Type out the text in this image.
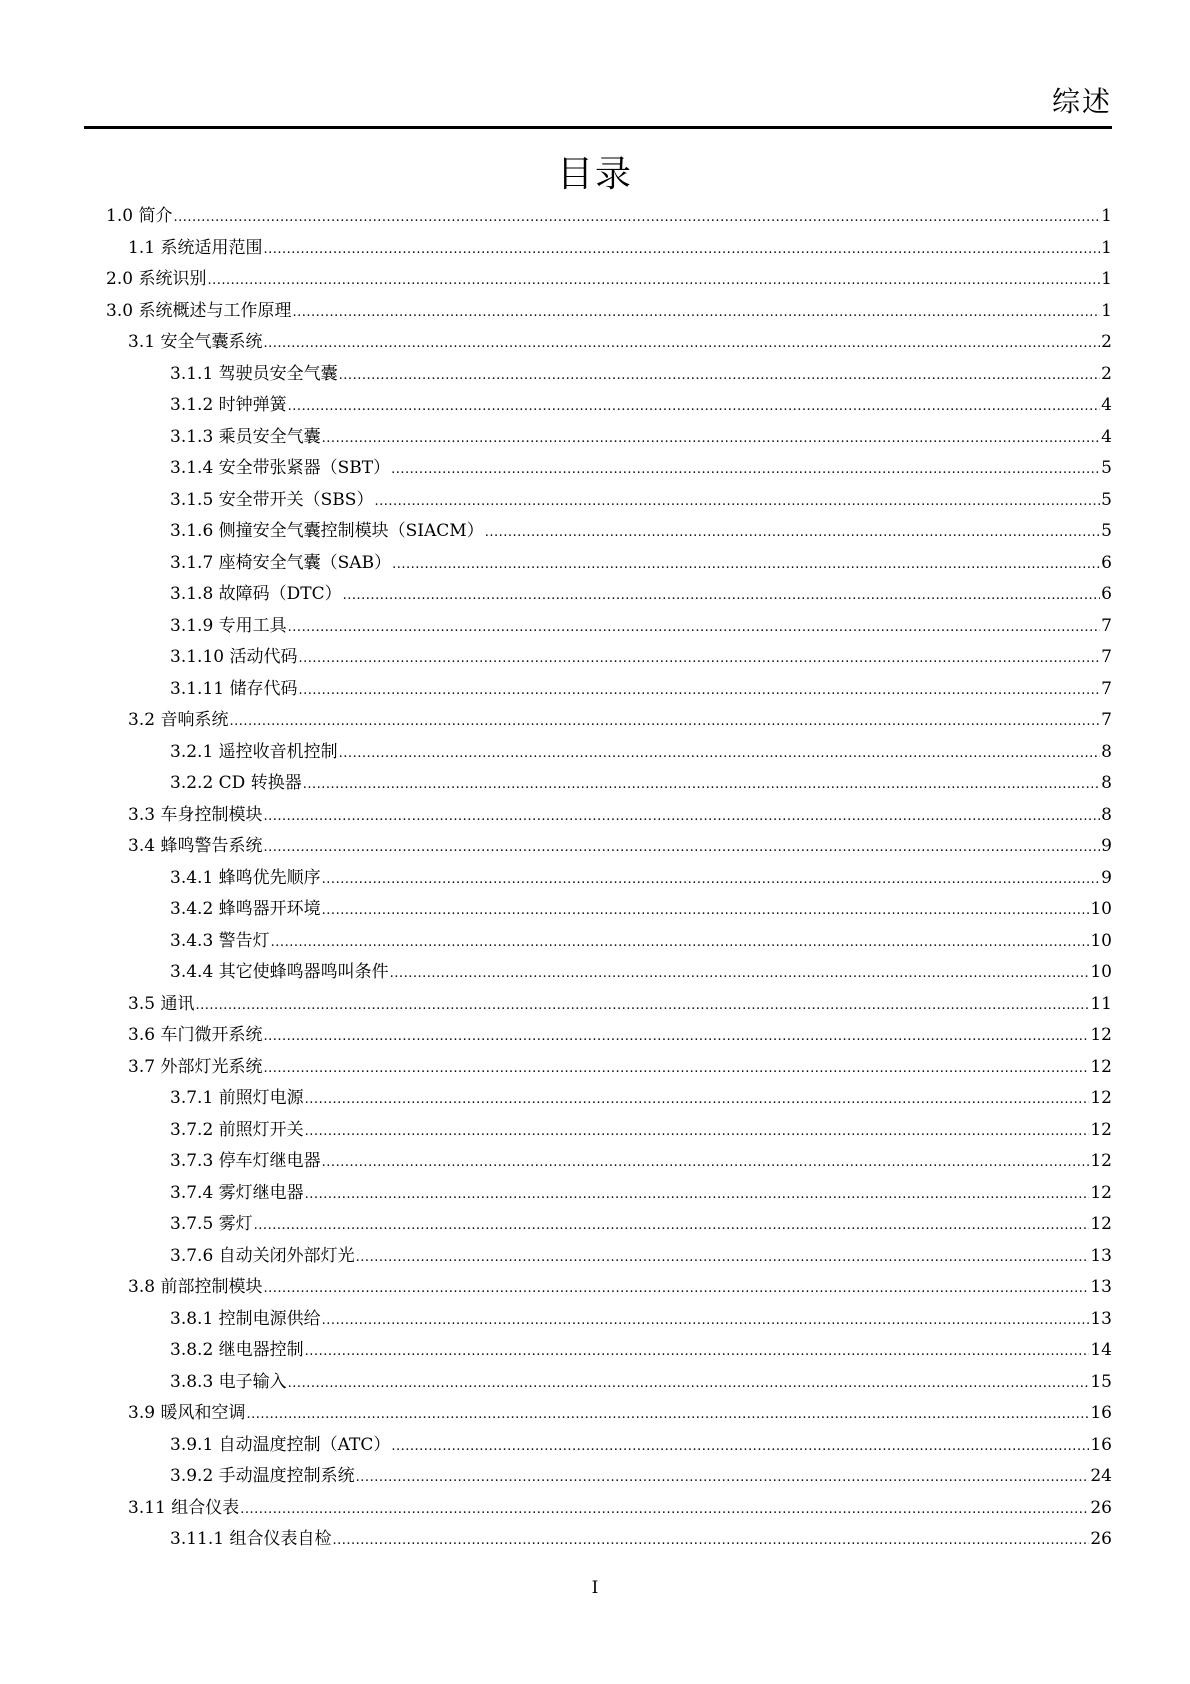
综述
目录
1.0 简介 .....	1
1.1 系统适用范围 .....	1
2.0 系统识别 .....	1
3.0 系统概述与工作原理 .....	1
3.1 安全气囊系统 .....	2
3.1.1 驾驶员安全气囊 .....	2
3.1.2 时钟弹簧 .....	4
3.1.3 乘员安全气囊 .....	4
3.1.4 安全带张紧器（SBT） .....	5
3.1.5 安全带开关（SBS） .....	5
3.1.6 侧撞安全气囊控制模块（SIACM） .....	5
3.1.7 座椅安全气囊（SAB） .....	6
3.1.8 故障码（DTC） .....	6
3.1.9 专用工具 .....	7
3.1.10 活动代码 .....	7
3.1.11 储存代码 .....	7
3.2 音响系统 .....	7
3.2.1 遥控收音机控制 .....	8
3.2.2 CD 转换器 .....	8
3.3 车身控制模块 .....	8
3.4 蜂鸣警告系统 .....	9
3.4.1 蜂鸣优先顺序 .....	9
3.4.2 蜂鸣器开环境 .....	10
3.4.3 警告灯 .....	10
3.4.4 其它使蜂鸣器鸣叫条件 .....	10
3.5 通讯 .....	11
3.6 车门微开系统 .....	12
3.7 外部灯光系统 .....	12
3.7.1 前照灯电源 .....	12
3.7.2 前照灯开关 .....	12
3.7.3 停车灯继电器 .....	12
3.7.4 雾灯继电器 .....	12
3.7.5 雾灯 .....	12
3.7.6 自动关闭外部灯光 .....	13
3.8 前部控制模块 .....	13
3.8.1 控制电源供给 .....	13
3.8.2 继电器控制 .....	14
3.8.3 电子输入 .....	15
3.9 暖风和空调 .....	16
3.9.1 自动温度控制（ATC） .....	16
3.9.2 手动温度控制系统 .....	24
3.11 组合仪表 .....	26
3.11.1 组合仪表自检 .....	26
I
